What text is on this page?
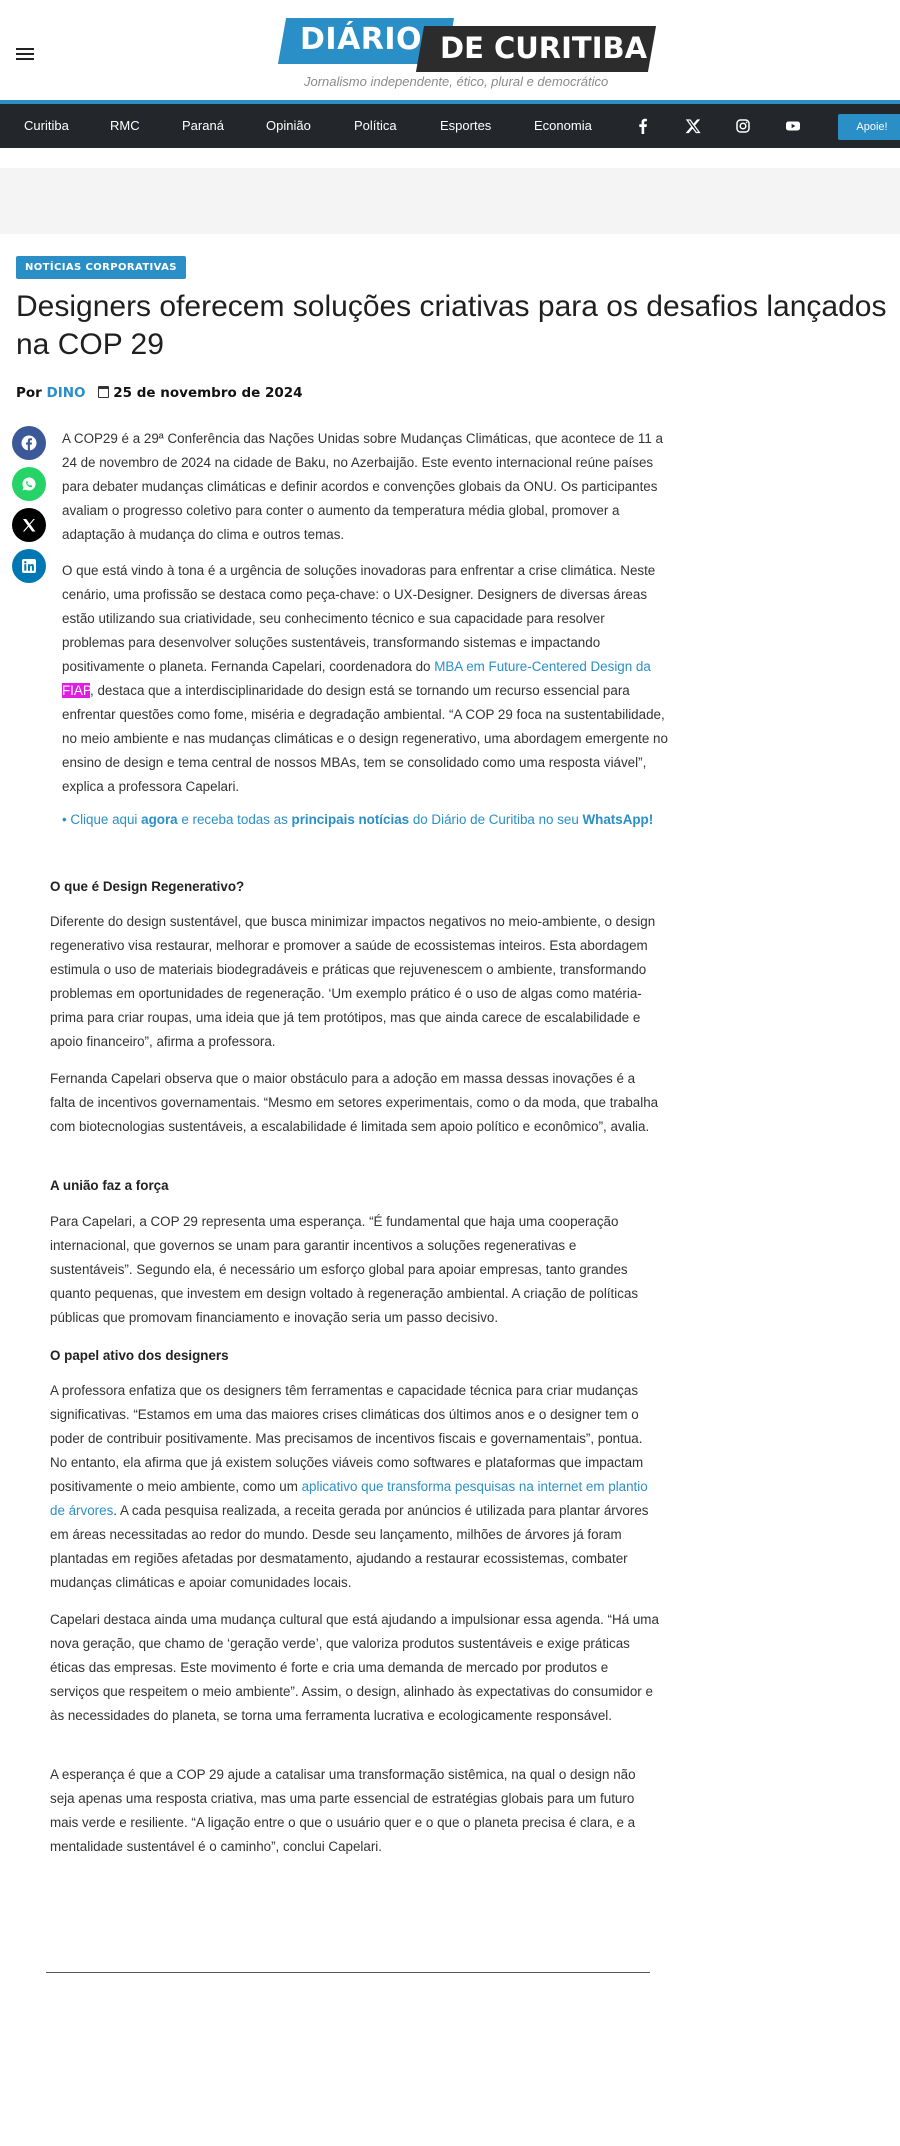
DIÁRIO DE CURITIBA
Jornalismo independente, ético, plural e democrático
Curitiba	RMC	Paraná	Opinião	Política	Esportes	Economia	Apoie!
NOTÍCIAS CORPORATIVAS
Designers oferecem soluções criativas para os desafios lançados na COP 29
Por DINO 25 de novembro de 2024

A COP29 é a 29ª Conferência das Nações Unidas sobre Mudanças Climáticas, que acontece de 11 a 24 de novembro de 2024 na cidade de Baku, no Azerbaijão. Este evento internacional reúne países para debater mudanças climáticas e definir acordos e convenções globais da ONU. Os participantes avaliam o progresso coletivo para conter o aumento da temperatura média global, promover a adaptação à mudança do clima e outros temas.

O que está vindo à tona é a urgência de soluções inovadoras para enfrentar a crise climática. Neste cenário, uma profissão se destaca como peça-chave: o UX-Designer. Designers de diversas áreas estão utilizando sua criatividade, seu conhecimento técnico e sua capacidade para resolver problemas para desenvolver soluções sustentáveis, transformando sistemas e impactando positivamente o planeta. Fernanda Capelari, coordenadora do MBA em Future-Centered Design da FIAP, destaca que a interdisciplinaridade do design está se tornando um recurso essencial para enfrentar questões como fome, miséria e degradação ambiental. “A COP 29 foca na sustentabilidade, no meio ambiente e nas mudanças climáticas e o design regenerativo, uma abordagem emergente no ensino de design e tema central de nossos MBAs, tem se consolidado como uma resposta viável”, explica a professora Capelari.

• Clique aqui agora e receba todas as principais notícias do Diário de Curitiba no seu WhatsApp!
O que é Design Regenerativo?

Diferente do design sustentável, que busca minimizar impactos negativos no meio-ambiente, o design regenerativo visa restaurar, melhorar e promover a saúde de ecossistemas inteiros. Esta abordagem estimula o uso de materiais biodegradáveis e práticas que rejuvenescem o ambiente, transformando problemas em oportunidades de regeneração. ‘Um exemplo prático é o uso de algas como matéria-prima para criar roupas, uma ideia que já tem protótipos, mas que ainda carece de escalabilidade e apoio financeiro”, afirma a professora.

Fernanda Capelari observa que o maior obstáculo para a adoção em massa dessas inovações é a falta de incentivos governamentais. “Mesmo em setores experimentais, como o da moda, que trabalha com biotecnologias sustentáveis, a escalabilidade é limitada sem apoio político e econômico”, avalia.

A união faz a força

Para Capelari, a COP 29 representa uma esperança. “É fundamental que haja uma cooperação internacional, que governos se unam para garantir incentivos a soluções regenerativas e sustentáveis”. Segundo ela, é necessário um esforço global para apoiar empresas, tanto grandes quanto pequenas, que investem em design voltado à regeneração ambiental. A criação de políticas públicas que promovam financiamento e inovação seria um passo decisivo.

O papel ativo dos designers

A professora enfatiza que os designers têm ferramentas e capacidade técnica para criar mudanças significativas. “Estamos em uma das maiores crises climáticas dos últimos anos e o designer tem o poder de contribuir positivamente. Mas precisamos de incentivos fiscais e governamentais”, pontua. No entanto, ela afirma que já existem soluções viáveis como softwares e plataformas que impactam positivamente o meio ambiente, como um aplicativo que transforma pesquisas na internet em plantio de árvores. A cada pesquisa realizada, a receita gerada por anúncios é utilizada para plantar árvores em áreas necessitadas ao redor do mundo. Desde seu lançamento, milhões de árvores já foram plantadas em regiões afetadas por desmatamento, ajudando a restaurar ecossistemas, combater mudanças climáticas e apoiar comunidades locais.

Capelari destaca ainda uma mudança cultural que está ajudando a impulsionar essa agenda. “Há uma nova geração, que chamo de ‘geração verde’, que valoriza produtos sustentáveis e exige práticas éticas das empresas. Este movimento é forte e cria uma demanda de mercado por produtos e serviços que respeitem o meio ambiente”. Assim, o design, alinhado às expectativas do consumidor e às necessidades do planeta, se torna uma ferramenta lucrativa e ecologicamente responsável.

A esperança é que a COP 29 ajude a catalisar uma transformação sistêmica, na qual o design não seja apenas uma resposta criativa, mas uma parte essencial de estratégias globais para um futuro mais verde e resiliente. “A ligação entre o que o usuário quer e o que o planeta precisa é clara, e a mentalidade sustentável é o caminho”, conclui Capelari.
